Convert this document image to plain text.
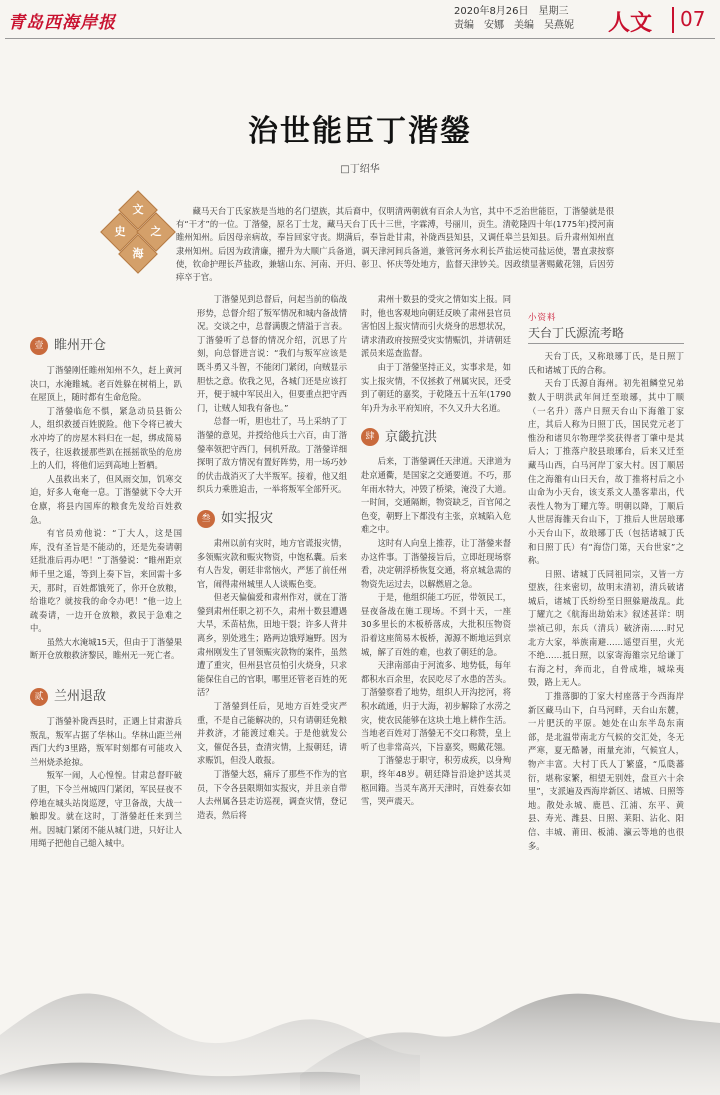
青岛西海岸报
2020年8月26日 星期三
责编 安娜 美编 吴燕妮 人文 07
治世能臣丁湝鎣
□丁绍华
文
史	之
海
藏马天台丁氏家族是当地的名门望族，其后裔中，仅明清两朝就有百余人为官，其中不乏治世能臣，丁湝鎣就是很有“干才”的一位。丁湝鎣，原名丁士龙，藏马天台丁氏十三世，字霖溥，号丽川，贡生。清乾隆四十年(1775年)授河南睢州知州。后因母亲病故，奉旨回家守丧。期满后，奉旨赴甘肃，补陇西县知县，又调任皋兰县知县。后升肃州知州直隶州知州。后因为政清廉，擢升为大顺广兵备道，调天津河间兵备道，兼管河务水利长芦盐运使司盐运使，署直隶按察使，钦命护理长芦盐政，兼辖山东、河南、开归、彰卫、怀庆等处地方，监督天津钞关。因政绩显著赐戴花翎，后因劳瘁卒于官。
壹 睢州开仓

丁湝鎣刚任睢州知州不久，赶上黄河决口，水淹睢城。老百姓躲在树梢上，趴在屋顶上，随时都有生命危险。

丁湝鎣临危不惧，紧急动员县衙公人，组织救援百姓脱险。他下令将已被大水冲垮了的房屋木料归在一起，绑成简易筏子，往返救援那些趴在摇摇欲坠的危房上的人们，将他们运到高地上暂栖。

人虽救出来了，但风雨交加，饥寒交迫，好多人奄奄一息。丁湝鎣就下令大开仓廪，将县内国库的粮食先发给百姓救急。

有官员劝他说：“丁大人，这是国库，没有圣旨是不能动的，还是先奏请朝廷批准后再办吧！”丁湝鎣说：“睢州距京师千里之遥，等到上奏下旨，来回需十多天，那时，百姓都饿死了，你开仓放粮，给谁吃？就按我的命令办吧！”他一边上疏奏请，一边开仓放粮，救民于急难之中。

虽然大水淹城15天，但由于丁湝鎣果断开仓放粮救济黎民，睢州无一死亡者。

贰 兰州退敌

丁湝鎣补陇西县时，正遇上甘肃游兵叛乱，叛军占据了华林山。华林山距兰州西门大约3里路，叛军时刻都有可能攻入兰州烧杀抢掠。

叛军一闹，人心惶惶。甘肃总督吓破了胆，下令兰州城四门紧闭，军民昼夜不停地在城头站岗巡逻，守卫备战，大战一触即发。就在这时，丁湝鎣赶任来到兰州。因城门紧闭不能从城门进，只好让人用绳子把他自己缒入城中。

丁湝鎣见到总督后，问起当前的临战形势，总督介绍了叛军情况和城内备战情况。交谈之中，总督满腹之情溢于言表。丁湝鎣听了总督的情况介绍，沉思了片刻，向总督进言说：“我们与叛军应该是既斗勇又斗智，不能闭门紧闭，向贼显示胆怯之意。依我之见，各城门还是应该打开，便于城中军民出入，但要重点把守西门，让贼人知我有备也。”

总督一听，胆也壮了，马上采纳了丁湝鎣的意见，并授给他兵士六百，由丁湝鎣率领把守西门，伺机歼敌。丁湝鎣详细探明了敌方情况有置好阵势，用一场巧妙的伏击战消灭了大半叛军。接着，他又组织兵力乘胜追击，一举将叛军全部歼灭。

叁 如实报灾

肃州以前有灾时，地方官谎报灾情，多领赈灾款和赈灾物资，中饱私囊。后来有人告发，朝廷非常恼火，严惩了前任州官，闹得肃州城里人人谈赈色变。

但老天偏偏爱和肃州作对，就在丁湝鎣到肃州任职之初不久，肃州十数县遭遇大旱，禾苗枯焦，田地干裂；许多人背井离乡，别处逃生；路两边饿殍遍野。因为肃州刚发生了冒领赈灾款物的案件，虽然遭了重灾，但州县官员怕引火烧身，只求能保住自己的官职，哪里还管老百姓的死活？

丁湝鎣到任后，见地方百姓受灾严重，不是自己能解决的，只有请朝廷免粮并救济，才能渡过难关。于是他就发公文，催促各县，查清灾情，上报朝廷，请求赈饥，但没人敢报。

丁湝鎣大怒，痛斥了那些不作为的官员，下令各县限期如实报灾，并且亲自带人去州属各县走访巡视，调查灾情，登记造表，然后将

肃州十数县的受灾之情如实上报。同时，他也客观地向朝廷反映了肃州县官员害怕因上报灾情而引火烧身的思想状况，请求清政府按照受灾实情赈饥，并请朝廷派员来巡查监督。

由于丁湝鎣坚持正义，实事求是，如实上报灾情，不仅拯救了州属灾民，还受到了朝廷的嘉奖，于乾隆五十五年(1790年)升为永平府知府，不久又升大名道。

肆 京畿抗洪

后来，丁湝鎣调任天津道。天津道为赴京通衢，是国家之交通要道。不巧，那年雨水特大，冲毁了桥梁，淹没了大道。一时间，交通隔断，物资缺乏，百官闻之色变，朝野上下都没有主张，京城陷入危难之中。

这时有人向皇上推荐，让丁湝鎣来督办这件事。丁湝鎣接旨后，立即赶现场察看，决定朝浮桥恢复交通，将京城急需的物资先运过去，以解燃眉之急。

于是，他组织能工巧匠，带领民工，昼夜备战在施工现场。不到十天，一座30多里长的木板桥落成，大批积压物资沿着这座简易木板桥，源源不断地运到京城，解了百姓的难，也救了朝廷的急。

天津南部由于河流多、地势低，每年都积水百余里，农民吃尽了水患的苦头。丁湝鎣察看了地势，组织人开沟挖河，将积水疏通，归于大海，初步解除了水涝之灾，使农民能够在这块土地上耕作生活。当地老百姓对丁湝鎣无不交口称赞，皇上听了也非常高兴，下旨嘉奖，赐戴花翎。

丁湝鎣忠于职守，积劳成疾，以身殉职，终年48岁。朝廷降旨沿途护送其灵柩回籍。当灵车离开天津时，百姓泰衣如雪，哭声震天。

小资料
天台丁氏源流考略

天台丁氏，又称琅琊丁氏，是日照丁氏和诸城丁氏的合称。

天台丁氏源自海州。初先祖鳞堂兄弟数人于明洪武年间迁至琅琊，其中丁顺（一名升）落户日照天台山下海雒丁家庄，其后人称为日照丁氏，国民党元老丁惟汾和诸贝尔物理学奖获得者丁肇中是其后人；丁推落户胶县琅琊台，后来又迁至藏马山西，白马河岸丁家大村。因丁顺居住之海雒有山曰天台，故丁推将村后之小山命为小天台，该支系文人墨客辈出，代表性人物为丁耀亢等。明朝以降，丁顺后人世居海雒天台山下，丁推后人世居琅琊小天台山下，故琅琊丁氏（包括诸城丁氏和日照丁氏）有“海岱门第，天台世家”之称。

日照、诸城丁氏同祖同宗，又皆一方望族，往来密切，故明末清初，清兵破诸城后，诸城丁氏纷纷至日照躲避战乱。此丁耀亢之《航海出劫始末》叙述甚详：明崇祯己卯，东兵（清兵）破济南……时兄北方大家，举族南避……遥望百里，火光不绝……抵日照，以家寄海雒宗兄给谦丁右海之村，奔而北，自骨成堆，城垛夷毁，路上无人。

丁推落脚的丁家大村座落于今西海岸新区藏马山下，白马河畔，天台山东麓，一片肥沃的平原。她处在山东半岛东南部，是北温带南北方气候的交汇处，冬无严寒，夏无酷暑，雨量充沛，气候宜人，物产丰富。大村丁氏人丁繁盛，“瓜瓞蕃衍，堪称家繁，相望无别姓，盘亘六十余里”，支派遍及西海岸新区、诸城、日照等地。散处永城、鹿邑、江浦、东平、黄县、寿光、潍县、日照、莱阳、沾化、阳信、丰城、莆田、板浦、瀛云等地的也很多。
